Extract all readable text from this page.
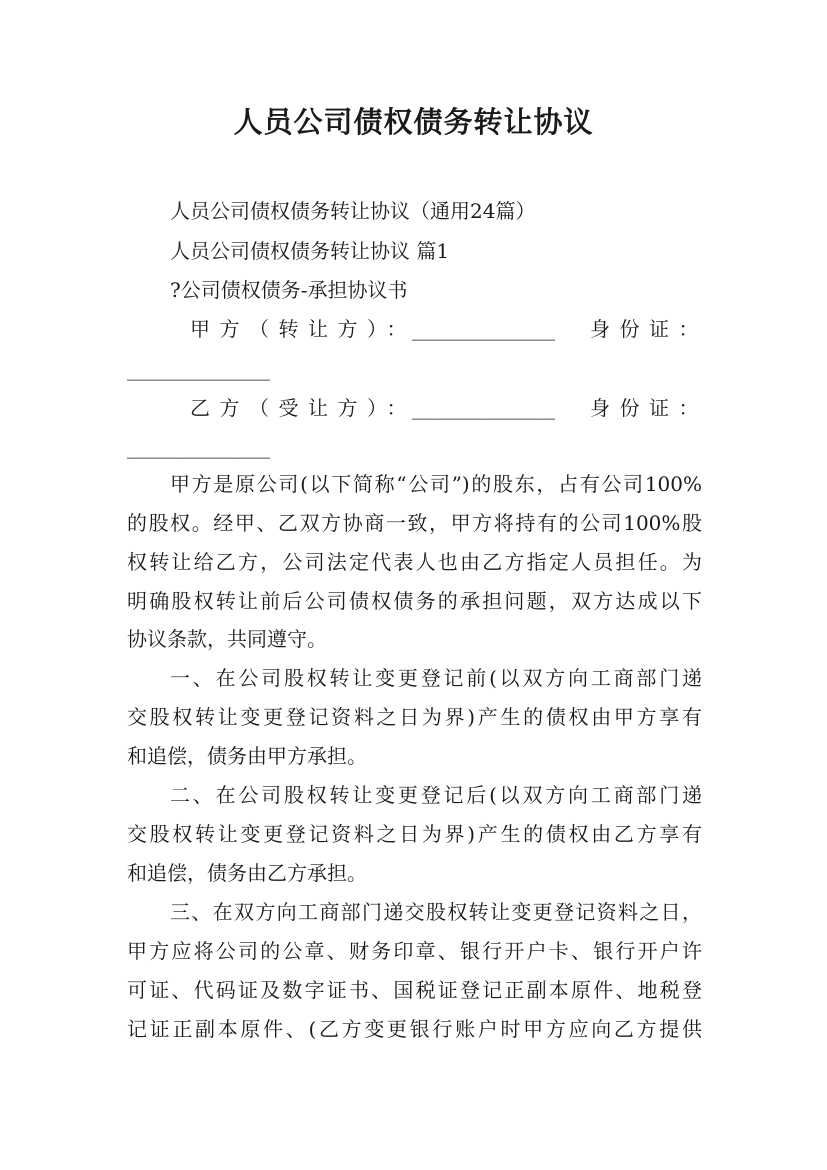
人员公司债权债务转让协议
人员公司债权债务转让协议（通用24篇）
人员公司债权债务转让协议 篇1
?公司债权债务-承担协议书
甲方（转让方）：
_______________ 身份证：
_______________
乙方（受让方）：
_______________ 身份证：
_______________
甲方是原公司(以下简称“公司”)的股东，占有公司100%
的股权。经甲、乙双方协商一致，甲方将持有的公司100%股
权转让给乙方，公司法定代表人也由乙方指定人员担任。为
明确股权转让前后公司债权债务的承担问题，双方达成以下
协议条款，共同遵守。
一、在公司股权转让变更登记前(以双方向工商部门递
交股权转让变更登记资料之日为界)产生的债权由甲方享有
和追偿，债务由甲方承担。
二、在公司股权转让变更登记后(以双方向工商部门递
交股权转让变更登记资料之日为界)产生的债权由乙方享有
和追偿，债务由乙方承担。
三、在双方向工商部门递交股权转让变更登记资料之日，
甲方应将公司的公章、财务印章、银行开户卡、银行开户许
可证、代码证及数字证书、国税证登记正副本原件、地税登
记证正副本原件、(乙方变更银行账户时甲方应向乙方提供
